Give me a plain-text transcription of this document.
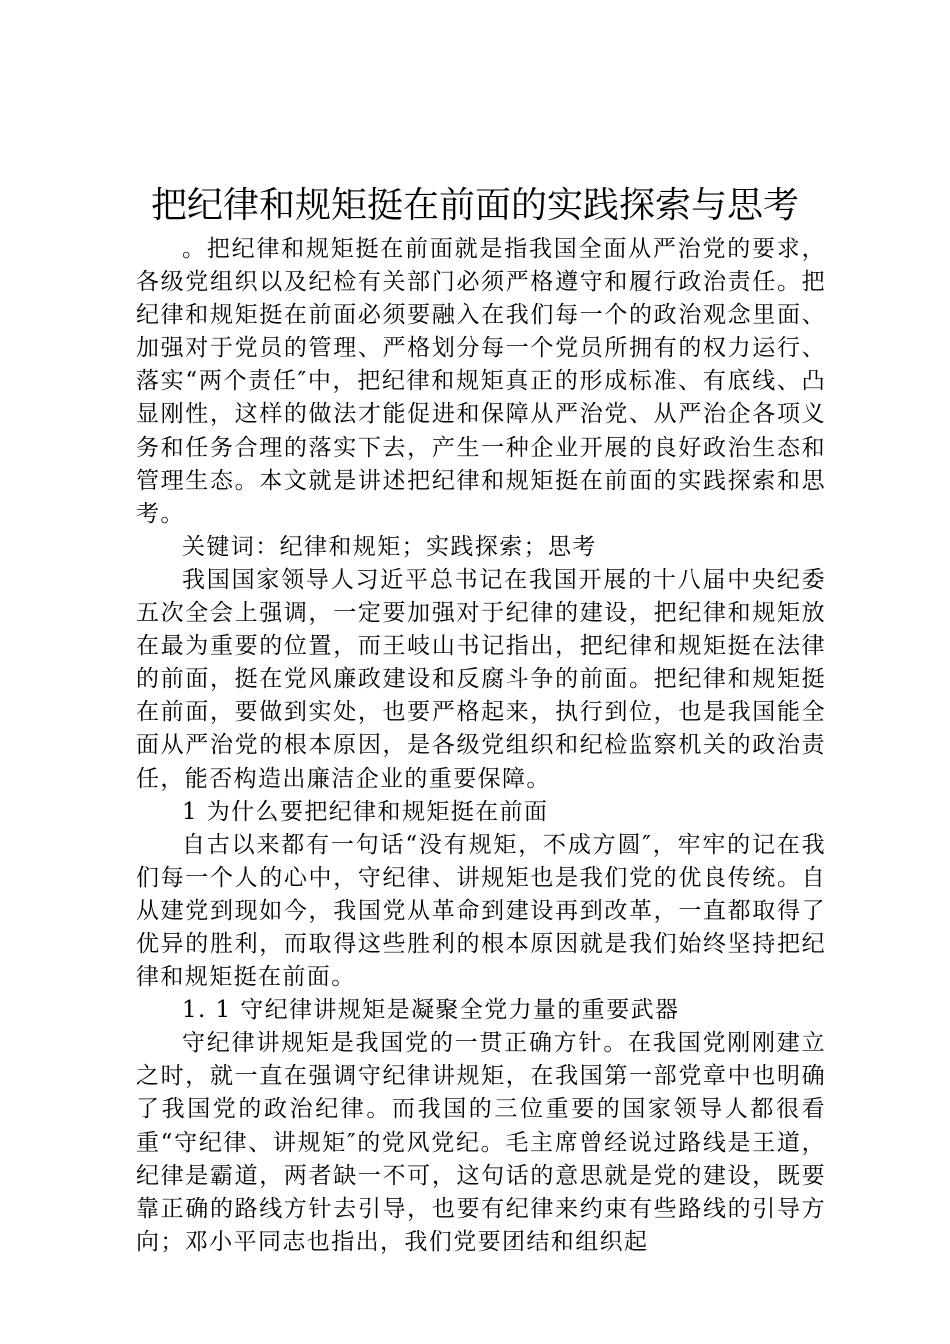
把纪律和规矩挺在前面的实践探索与思考

。把纪律和规矩挺在前面就是指我国全面从严治党的要求，各级党组织以及纪检有关部门必须严格遵守和履行政治责任。把纪律和规矩挺在前面必须要融入在我们每一个的政治观念里面、加强对于党员的管理、严格划分每一个党员所拥有的权力运行、落实“两个责任″中，把纪律和规矩真正的形成标准、有底线、凸显刚性，这样的做法才能促进和保障从严治党、从严治企各项义务和任务合理的落实下去，产生一种企业开展的良好政治生态和管理生态。本文就是讲述把纪律和规矩挺在前面的实践探索和思考。

关键词：纪律和规矩；实践探索；思考

我国国家领导人习近平总书记在我国开展的十八届中央纪委五次全会上强调，一定要加强对于纪律的建设，把纪律和规矩放在最为重要的位置，而王岐山书记指出，把纪律和规矩挺在法律的前面，挺在党风廉政建设和反腐斗争的前面。把纪律和规矩挺在前面，要做到实处，也要严格起来，执行到位，也是我国能全面从严治党的根本原因，是各级党组织和纪检监察机关的政治责任，能否构造出廉洁企业的重要保障。

1 为什么要把纪律和规矩挺在前面

自古以来都有一句话“没有规矩，不成方圆″，牢牢的记在我们每一个人的心中，守纪律、讲规矩也是我们党的优良传统。自从建党到现如今，我国党从革命到建设再到改革，一直都取得了优异的胜利，而取得这些胜利的根本原因就是我们始终坚持把纪律和规矩挺在前面。

1. 1 守纪律讲规矩是凝聚全党力量的重要武器

守纪律讲规矩是我国党的一贯正确方针。在我国党刚刚建立之时，就一直在强调守纪律讲规矩，在我国第一部党章中也明确了我国党的政治纪律。而我国的三位重要的国家领导人都很看重“守纪律、讲规矩″的党风党纪。毛主席曾经说过路线是王道，纪律是霸道，两者缺一不可，这句话的意思就是党的建设，既要靠正确的路线方针去引导，也要有纪律来约束有些路线的引导方向；邓小平同志也指出，我们党要团结和组织起
